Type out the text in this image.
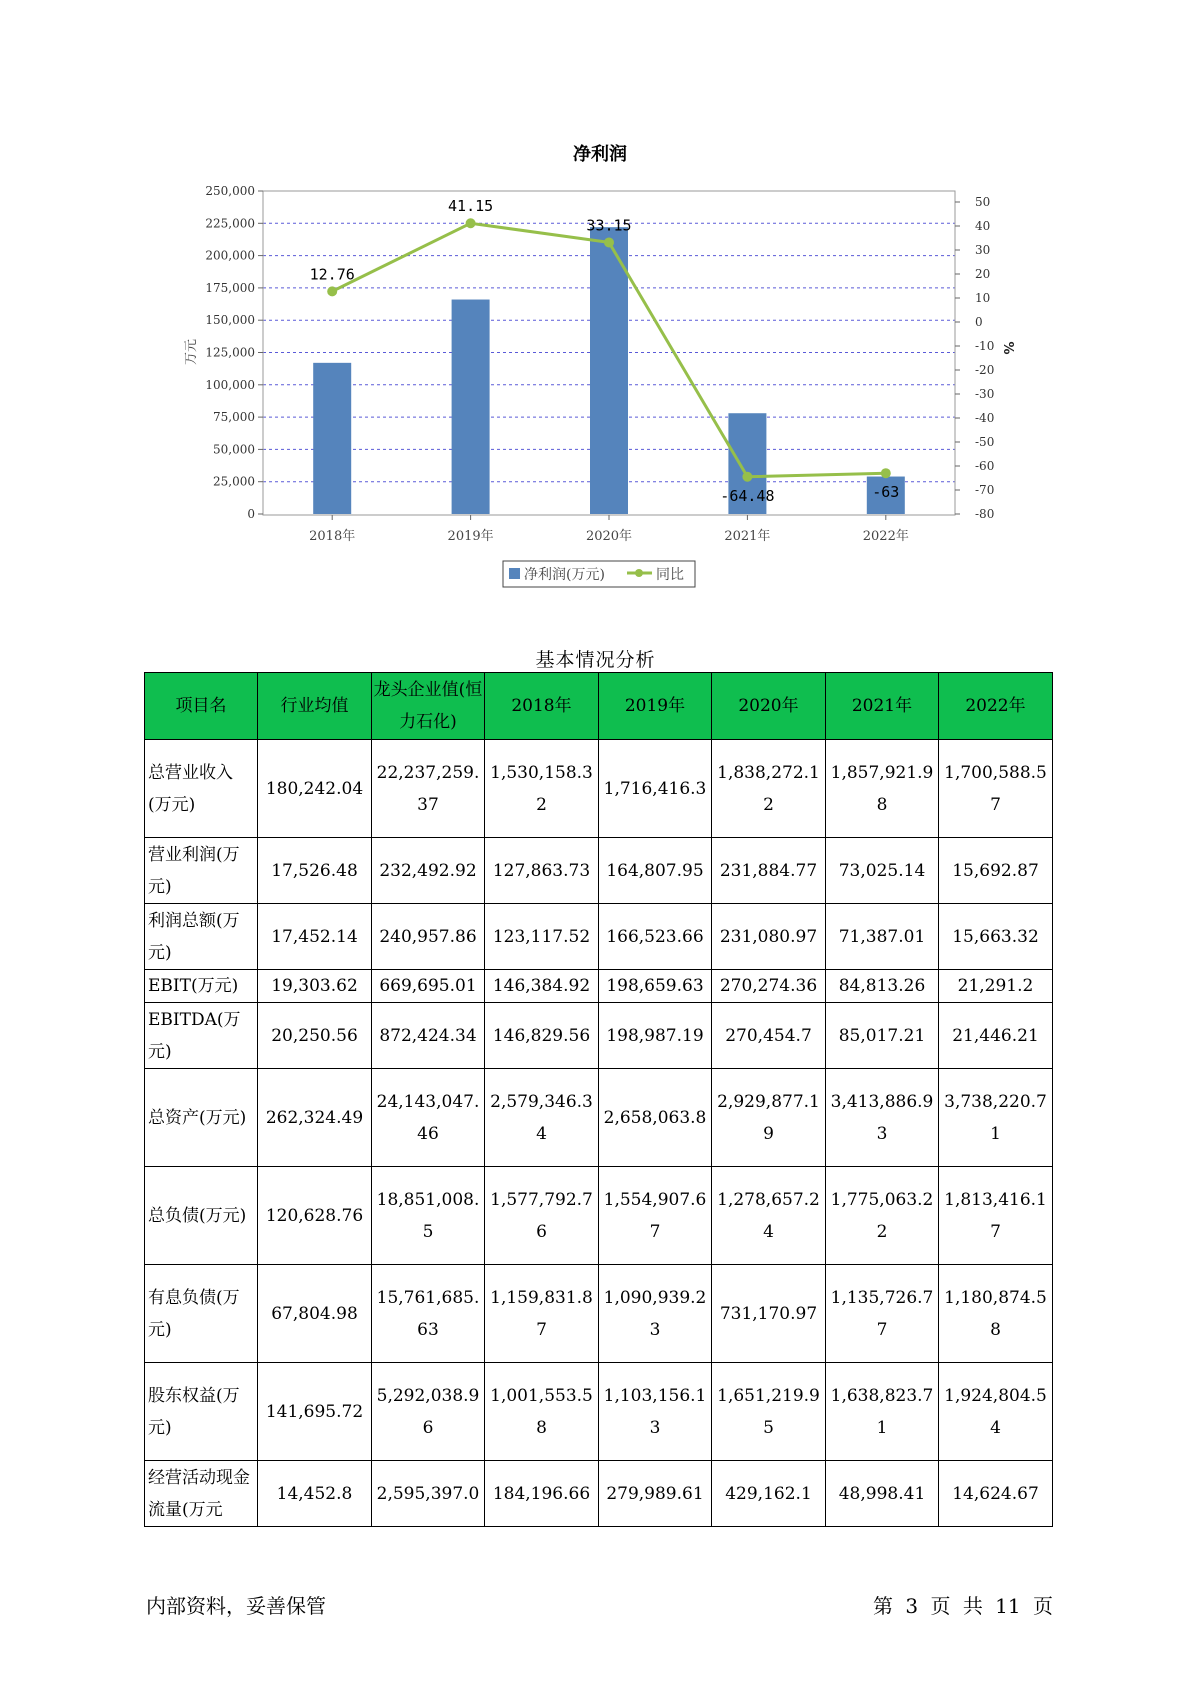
净利润
0
25,000
50,000
75,000
100,000
125,000
150,000
175,000
200,000
225,000
250,000
-80
-70
-60
-50
-40
-30
-20
-10
0
10
20
30
40
50
2018年	2019年	2020年	2021年	2022年
万元	%
12.76
41.15
33.15
-64.48	-63
净利润(万元)	同比
基本情况分析
项目名	行业均值	龙头企业值(恒力石化)	2018年	2019年	2020年	2021年	2022年
总营业收入(万元)	180,242.04	22,237,259.37	1,530,158.32	1,716,416.3	1,838,272.12	1,857,921.98	1,700,588.57
营业利润(万元)	17,526.48	232,492.92	127,863.73	164,807.95	231,884.77	73,025.14	15,692.87
利润总额(万元)	17,452.14	240,957.86	123,117.52	166,523.66	231,080.97	71,387.01	15,663.32
EBIT(万元)	19,303.62	669,695.01	146,384.92	198,659.63	270,274.36	84,813.26	21,291.2
EBITDA(万元)	20,250.56	872,424.34	146,829.56	198,987.19	270,454.7	85,017.21	21,446.21
总资产(万元)	262,324.49	24,143,047.46	2,579,346.34	2,658,063.8	2,929,877.19	3,413,886.93	3,738,220.71
总负债(万元)	120,628.76	18,851,008.5	1,577,792.76	1,554,907.67	1,278,657.24	1,775,063.22	1,813,416.17
有息负债(万元)	67,804.98	15,761,685.63	1,159,831.87	1,090,939.23	731,170.97	1,135,726.77	1,180,874.58
股东权益(万元)	141,695.72	5,292,038.96	1,001,553.58	1,103,156.13	1,651,219.95	1,638,823.71	1,924,804.54
经营活动现金流量(万元	14,452.8	2,595,397.0	184,196.66	279,989.61	429,162.1	48,998.41	14,624.67
内部资料，妥善保管	第 3 页 共 11 页
